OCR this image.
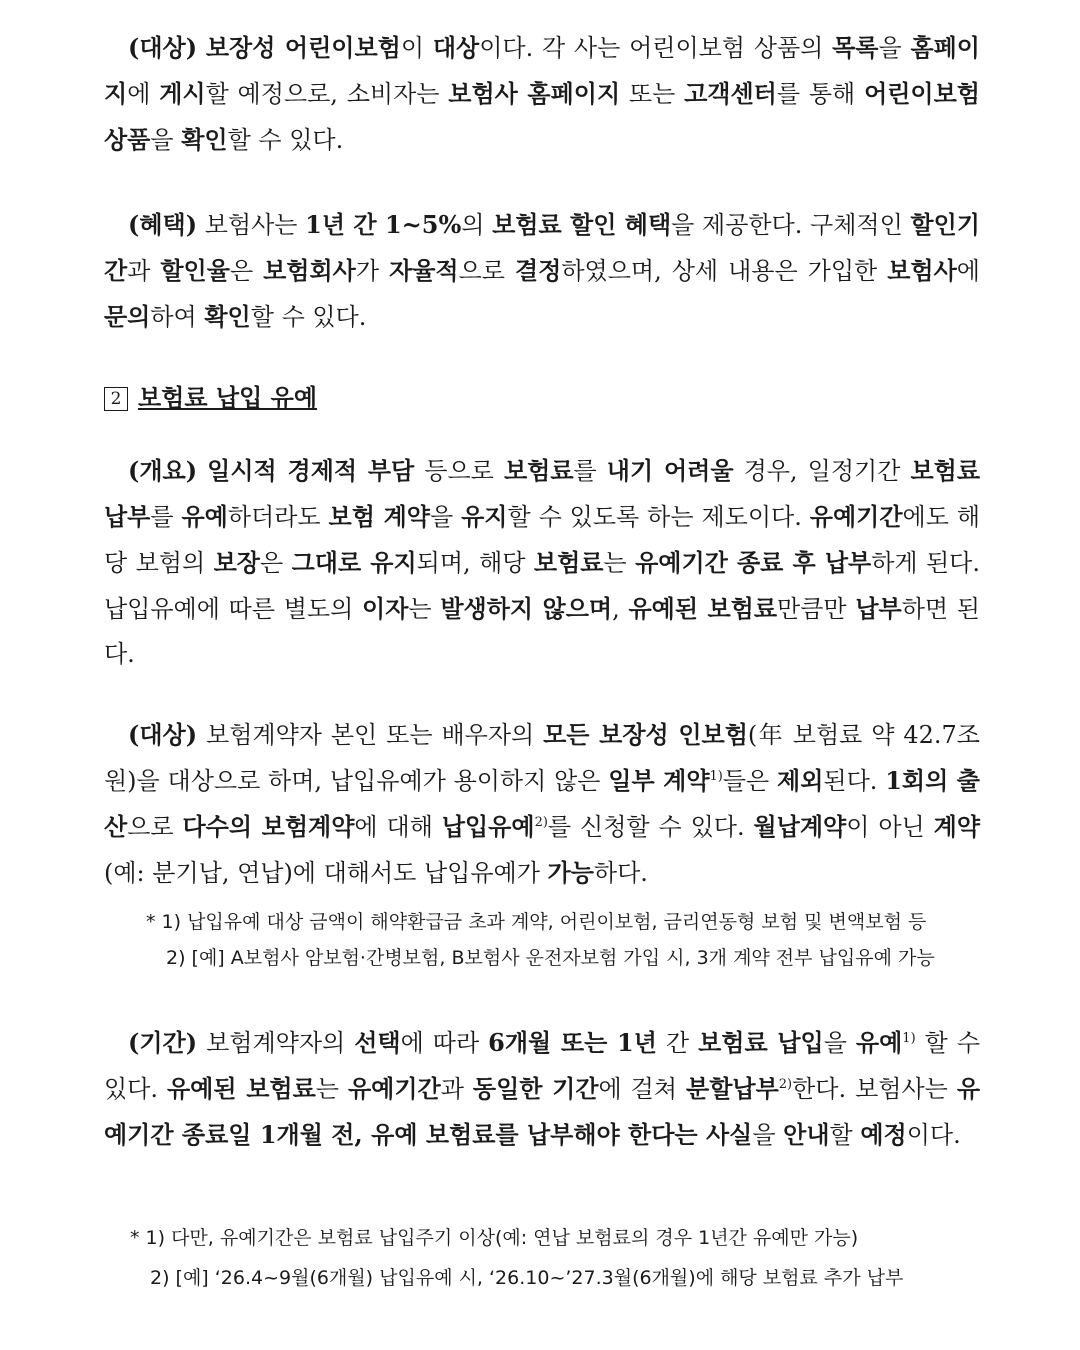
(대상) 보장성 어린이보험이 대상이다. 각 사는 어린이보험 상품의 목록을 홈페이지에 게시할 예정으로, 소비자는 보험사 홈페이지 또는 고객센터를 통해 어린이보험 상품을 확인할 수 있다.

(혜택) 보험사는 1년 간 1~5%의 보험료 할인 혜택을 제공한다. 구체적인 할인기간과 할인율은 보험회사가 자율적으로 결정하였으며, 상세 내용은 가입한 보험사에 문의하여 확인할 수 있다.

2 보험료 납입 유예

(개요) 일시적 경제적 부담 등으로 보험료를 내기 어려울 경우, 일정기간 보험료 납부를 유예하더라도 보험 계약을 유지할 수 있도록 하는 제도이다. 유예기간에도 해당 보험의 보장은 그대로 유지되며, 해당 보험료는 유예기간 종료 후 납부하게 된다. 납입유예에 따른 별도의 이자는 발생하지 않으며, 유예된 보험료만큼만 납부하면 된다.

(대상) 보험계약자 본인 또는 배우자의 모든 보장성 인보험(年 보험료 약 42.7조원)을 대상으로 하며, 납입유예가 용이하지 않은 일부 계약$^{1)}$들은 제외된다. 1회의 출산으로 다수의 보험계약에 대해 납입유예$^{2)}$를 신청할 수 있다. 월납계약이 아닌 계약(예: 분기납, 연납)에 대해서도 납입유예가 가능하다.

* 1) 납입유예 대상 금액이 해약환급금 초과 계약, 어린이보험, 금리연동형 보험 및 변액보험 등

2) [예] A보험사 암보험·간병보험, B보험사 운전자보험 가입 시, 3개 계약 전부 납입유예 가능

(기간) 보험계약자의 선택에 따라 6개월 또는 1년 간 보험료 납입을 유예$^{1)}$ 할 수 있다. 유예된 보험료는 유예기간과 동일한 기간에 걸쳐 분할납부$^{2)}$한다. 보험사는 유예기간 종료일 1개월 전, 유예 보험료를 납부해야 한다는 사실을 안내할 예정이다.

* 1) 다만, 유예기간은 보험료 납입주기 이상(예: 연납 보험료의 경우 1년간 유예만 가능)

2) [예] ‘26.4~9월(6개월) 납입유예 시, ‘26.10~’27.3월(6개월)에 해당 보험료 추가 납부
